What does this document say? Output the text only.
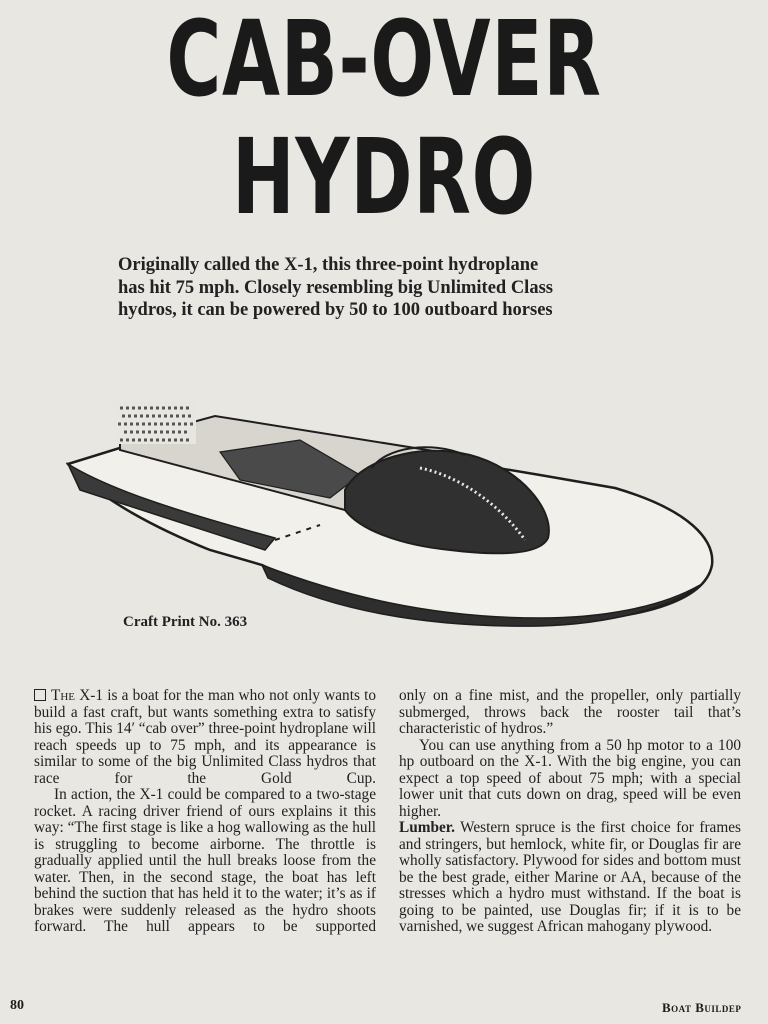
CAB-OVER
HYDRO
Originally called the X-1, this three-point hydroplane
has hit 75 mph. Closely resembling big Unlimited Class
hydros, it can be powered by 50 to 100 outboard horses
Craft Print No. 363

The X-1 is a boat for the man who not only wants to build a fast craft, but wants something extra to satisfy his ego. This 14′ “cab over” three-point hydroplane will reach speeds up to 75 mph, and its appearance is similar to some of the big Unlimited Class hydros that race for the Gold Cup.

In action, the X-1 could be compared to a two-stage rocket. A racing driver friend of ours explains it this way: “The first stage is like a hog wallowing as the hull is struggling to become airborne. The throttle is gradually applied until the hull breaks loose from the water. Then, in the second stage, the boat has left behind the suction that has held it to the water; it’s as if brakes were suddenly released as the hydro shoots forward. The hull appears to be supported

only on a fine mist, and the propeller, only partially submerged, throws back the rooster tail that’s characteristic of hydros.”

You can use anything from a 50 hp motor to a 100 hp outboard on the X-1. With the big engine, you can expect a top speed of about 75 mph; with a special lower unit that cuts down on drag, speed will be even higher.

Lumber. Western spruce is the first choice for frames and stringers, but hemlock, white fir, or Douglas fir are wholly satisfactory. Plywood for sides and bottom must be the best grade, either Marine or AA, because of the stresses which a hydro must withstand. If the boat is going to be painted, use Douglas fir; if it is to be varnished, we suggest African mahogany plywood.

80	Boat Buildep
